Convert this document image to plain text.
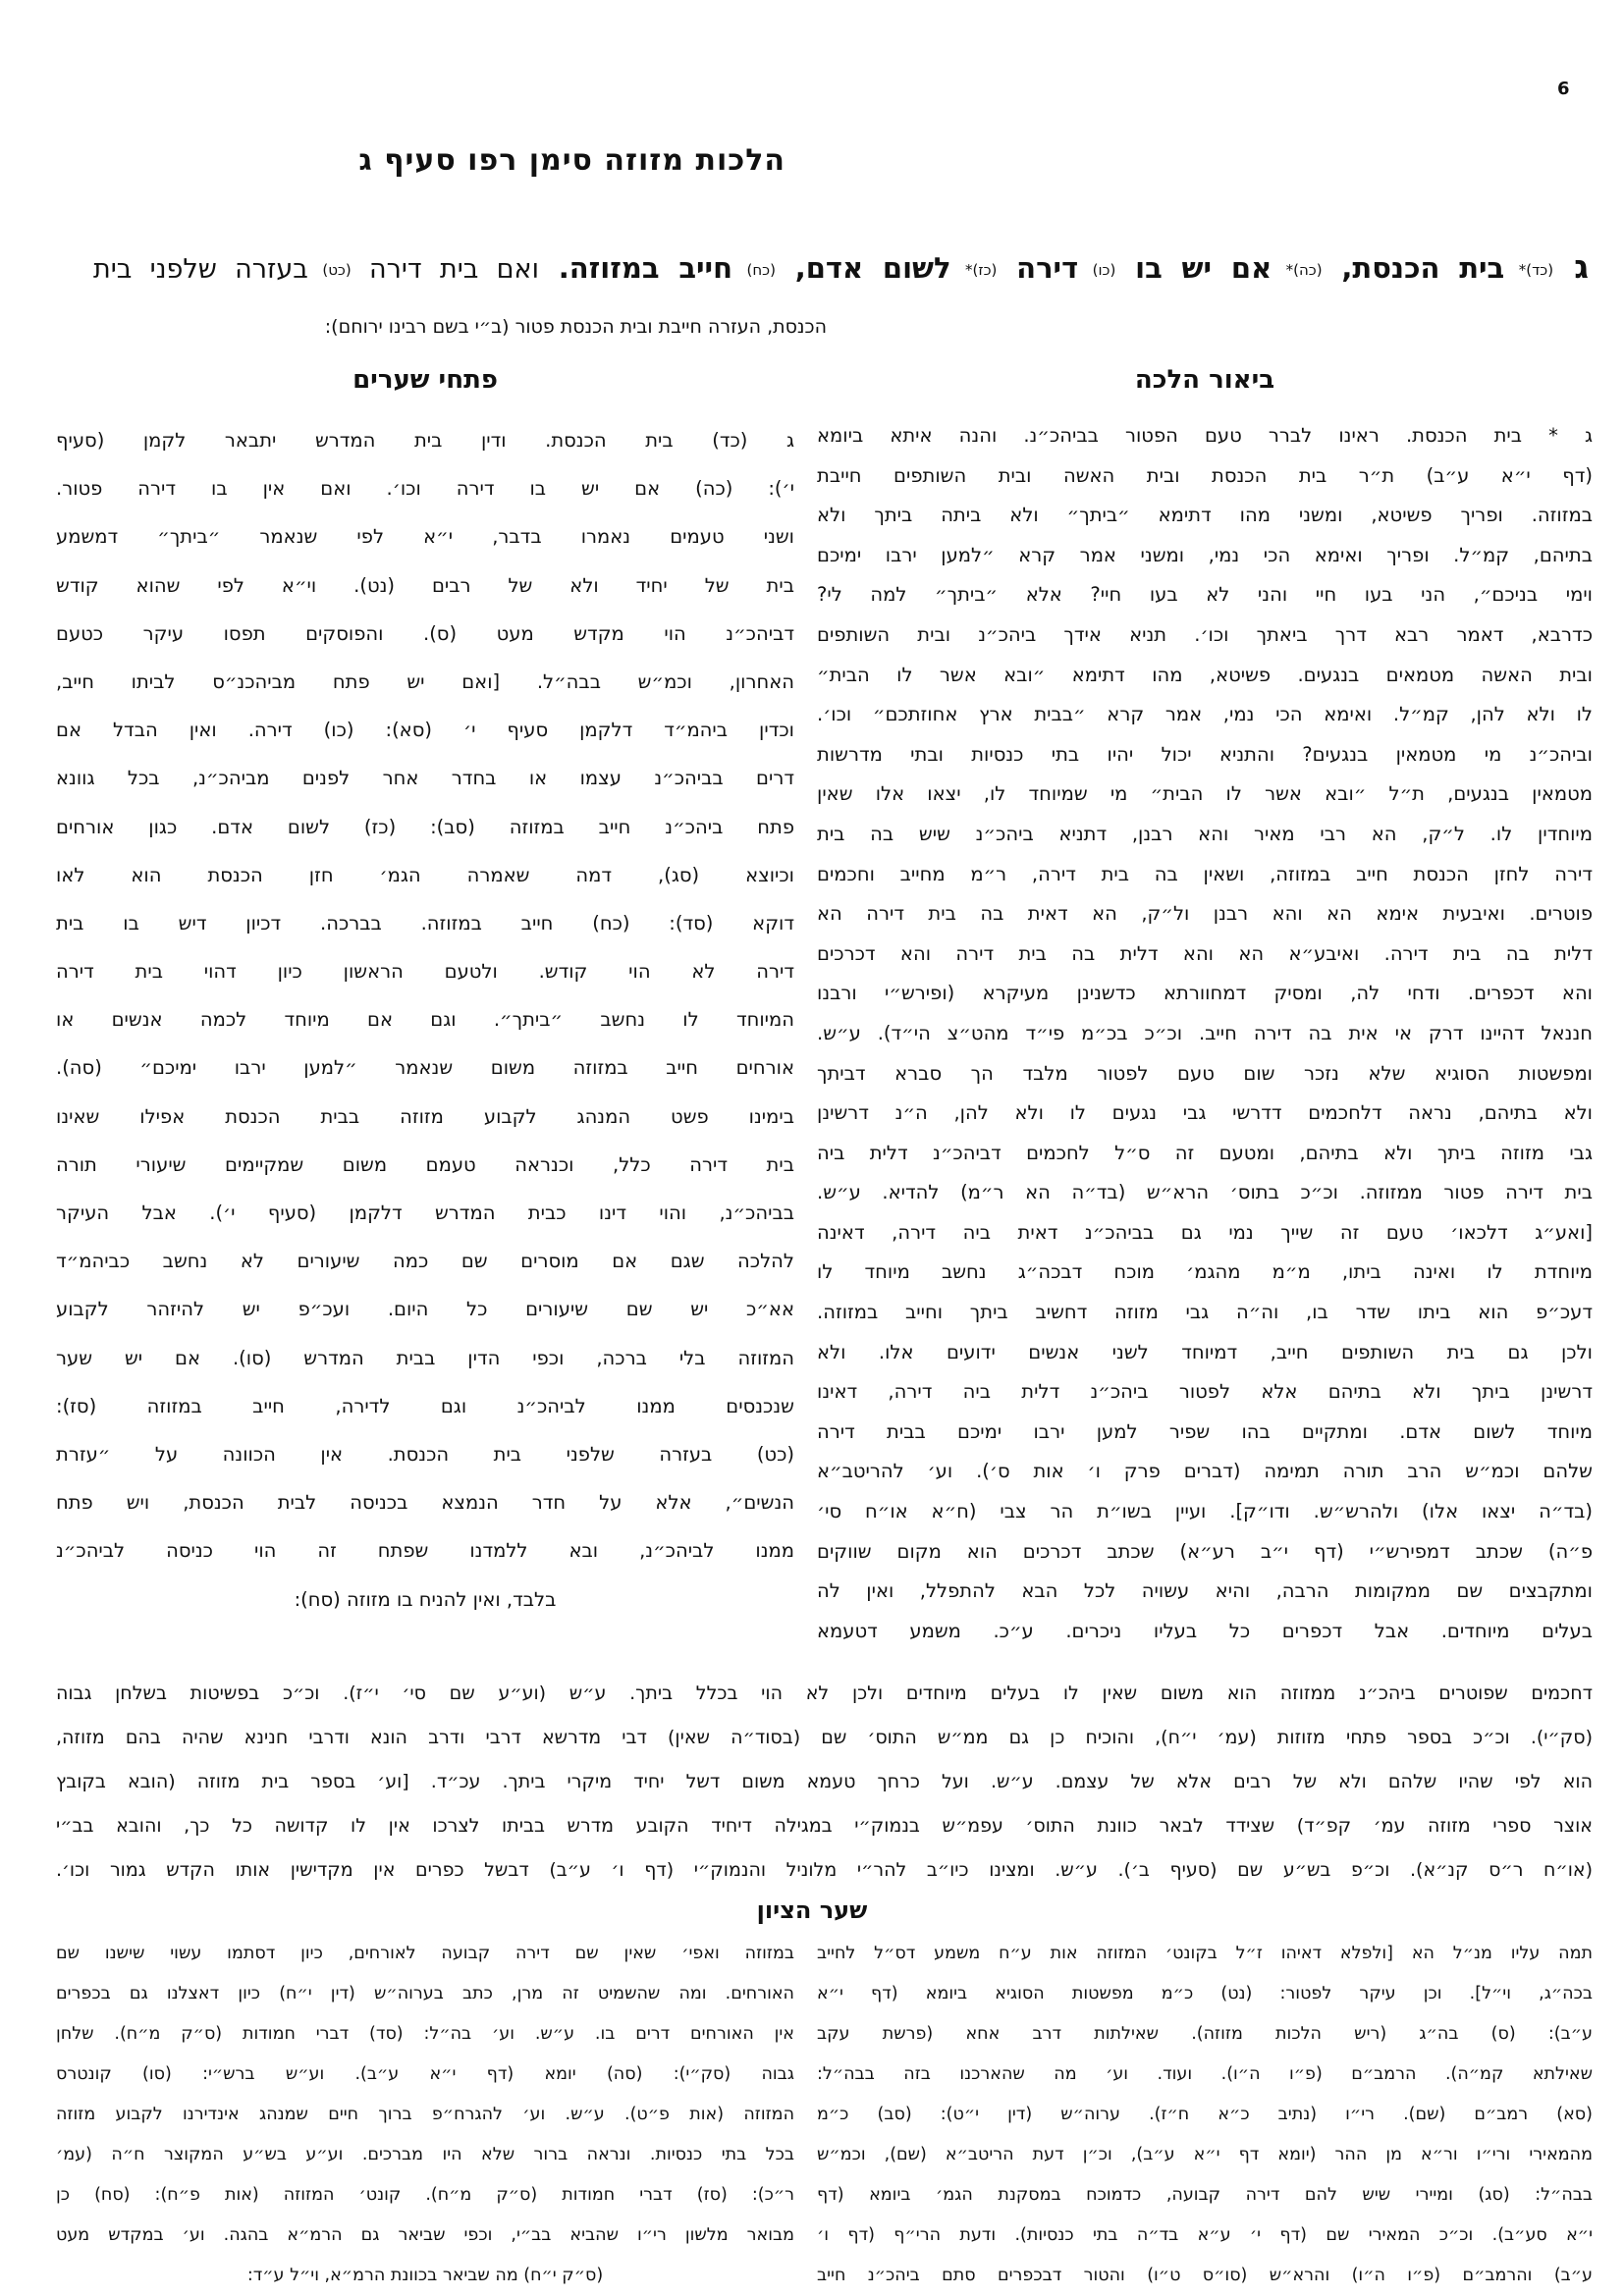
6
הלכות מזוזה סימן רפו סעיף ג
ג (כד)* בית הכנסת, (כה)* אם יש בו (כו) דירה (כז)* לשום אדם, (כח) חייב במזוזה. ואם בית דירה (כט) בעזרה שלפני בית
הכנסת, העזרה חייבת ובית הכנסת פטור (ב״י בשם רבינו ירוחם):
ביאור הלכה
פתחי שערים
ג * בית הכנסת. ראינו לברר טעם הפטור בביהכ״נ. והנה איתא ביומא
(דף י״א ע״ב) ת״ר בית הכנסת ובית האשה ובית השותפים חייבת
במזוזה. ופריך פשיטא, ומשני מהו דתימא ״ביתך״ ולא ביתה ביתך ולא
בתיהם, קמ״ל. ופריך ואימא הכי נמי, ומשני אמר קרא ״למען ירבו ימיכם
וימי בניכם״, הני בעו חיי והני לא בעו חיי? אלא ״ביתך״ למה לי?
כדרבא, דאמר רבא דרך ביאתך וכו׳. תניא אידך ביהכ״נ ובית השותפים
ובית האשה מטמאים בנגעים. פשיטא, מהו דתימא ״ובא אשר לו הבית״
לו ולא להן, קמ״ל. ואימא הכי נמי, אמר קרא ״בבית ארץ אחוזתכם״ וכו׳.
וביהכ״נ מי מטמאין בנגעים? והתניא יכול יהיו בתי כנסיות ובתי מדרשות
מטמאין בנגעים, ת״ל ״ובא אשר לו הבית״ מי שמיוחד לו, יצאו אלו שאין
מיוחדין לו. ל״ק, הא רבי מאיר והא רבנן, דתניא ביהכ״נ שיש בה בית
דירה לחזן הכנסת חייב במזוזה, ושאין בה בית דירה, ר״מ מחייב וחכמים
פוטרים. ואיבעית אימא הא והא רבנן ול״ק, הא דאית בה בית דירה הא
דלית בה בית דירה. ואיבע״א הא והא דלית בה בית דירה והא דכרכים
והא דכפרים. ודחי לה, ומסיק דמחוורתא כדשנינן מעיקרא (ופירש״י ורבנו
חננאל דהיינו דרק אי אית בה דירה חייב. וכ״כ בכ״מ פי״ד מהט״צ הי״ד). ע״ש.
ומפשטות הסוגיא שלא נזכר שום טעם לפטור מלבד הך סברא דביתך
ולא בתיהם, נראה דלחכמים דדרשי גבי נגעים לו ולא להן, ה״נ דרשינן
גבי מזוזה ביתך ולא בתיהם, ומטעם זה ס״ל לחכמים דביהכ״נ דלית ביה
בית דירה פטור ממזוזה. וכ״כ בתוס׳ הרא״ש (בד״ה הא ר״מ) להדיא. ע״ש.
[ואע״ג דלכאו׳ טעם זה שייך נמי גם בביהכ״נ דאית ביה דירה, דאינה
מיוחדת לו ואינה ביתו, מ״מ מהגמ׳ מוכח דבכה״ג נחשב מיוחד לו
דעכ״פ הוא ביתו שדר בו, וה״ה גבי מזוזה דחשיב ביתך וחייב במזוזה.
ולכן גם בית השותפים חייב, דמיוחד לשני אנשים ידועים אלו. ולא
דרשינן ביתך ולא בתיהם אלא לפטור ביהכ״נ דלית ביה דירה, דאינו
מיוחד לשום אדם. ומתקיים בהו שפיר למען ירבו ימיכם בבית דירה
שלהם וכמ״ש הרב תורה תמימה (דברים פרק ו׳ אות ס׳). וע׳ להריטב״א
(בד״ה יצאו אלו) ולהרש״ש. ודו״ק]. ועיין בשו״ת הר צבי (ח״א או״ח סי׳
פ״ה) שכתב דמפירש״י (דף י״ב רע״א) שכתב דכרכים הוא מקום שווקים
ומתקבצים שם ממקומות הרבה, והיא עשויה לכל הבא להתפלל, ואין לה
בעלים מיוחדים. אבל דכפרים כל בעליו ניכרים. ע״כ. משמע דטעמא
ג (כד) בית הכנסת. ודין בית המדרש יתבאר לקמן (סעיף
י׳): (כה) אם יש בו דירה וכו׳. ואם אין בו דירה פטור.
ושני טעמים נאמרו בדבר, י״א לפי שנאמר ״ביתך״ דמשמע
בית של יחיד ולא של רבים (נט). וי״א לפי שהוא קודש
דביהכ״נ הוי מקדש מעט (ס). והפוסקים תפסו עיקר כטעם
האחרון, וכמ״ש בבה״ל. [ואם יש פתח מביהכנ״ס לביתו חייב,
וכדין ביהמ״ד דלקמן סעיף י׳ (סא): (כו) דירה. ואין הבדל אם
דרים בביהכ״נ עצמו או בחדר אחר לפנים מביהכ״נ, בכל גוונא
פתח ביהכ״נ חייב במזוזה (סב): (כז) לשום אדם. כגון אורחים
וכיוצא (סג), דמה שאמרה הגמ׳ חזן הכנסת הוא לאו
דוקא (סד): (כח) חייב במזוזה. בברכה. דכיון דיש בו בית
דירה לא הוי קודש. ולטעם הראשון כיון דהוי בית דירה
המיוחד לו נחשב ״ביתך״. וגם אם מיוחד לכמה אנשים או
אורחים חייב במזוזה משום שנאמר ״למען ירבו ימיכם״ (סה).
בימינו פשט המנהג לקבוע מזוזה בבית הכנסת אפילו שאינו
בית דירה כלל, וכנראה טעמם משום שמקיימים שיעורי תורה
בביהכ״נ, והוי דינו כבית המדרש דלקמן (סעיף י׳). אבל העיקר
להלכה שגם אם מוסרים שם כמה שיעורים לא נחשב כביהמ״ד
אא״כ יש שם שיעורים כל היום. ועכ״פ יש להיזהר לקבוע
המזוזה בלי ברכה, וכפי הדין בבית המדרש (סו). אם יש שער
שנכנסים ממנו לביהכ״נ וגם לדירה, חייב במזוזה (סז):
(כט) בעזרה שלפני בית הכנסת. אין הכוונה על ״עזרת
הנשים״, אלא על חדר הנמצא בכניסה לבית הכנסת, ויש פתח
ממנו לביהכ״נ, ובא ללמדנו שפתח זה הוי כניסה לביהכ״נ
בלבד, ואין להניח בו מזוזה (סח):
דחכמים שפוטרים ביהכ״נ ממזוזה הוא משום שאין לו בעלים מיוחדים ולכן לא הוי בכלל ביתך. ע״ש (וע״ע שם סי׳ י״ז). וכ״כ בפשיטות בשלחן גבוה
(סק״י). וכ״כ בספר פתחי מזוזות (עמ׳ י״ח), והוכיח כן גם ממ״ש התוס׳ שם (בסוד״ה שאין) דבי מדרשא דרבי ודרב הונא ודרבי חנינא שהיה בהם מזוזה,
הוא לפי שהיו שלהם ולא של רבים אלא של עצמם. ע״ש. ועל כרחך טעמא משום דשל יחיד מיקרי ביתך. עכ״ד. [וע׳ בספר בית מזוזה (הובא בקובץ
אוצר ספרי מזוזה עמ׳ קפ״ד) שצידד לבאר כוונת התוס׳ עפמ״ש בנמוק״י במגילה דיחיד הקובע מדרש בביתו לצרכו אין לו קדושה כל כך, והובא בב״י
(או״ח ר״ס קנ״א). וכ״פ בש״ע שם (סעיף ב׳). ע״ש. ומצינו כיו״ב להר״י מלוניל והנמוק״י (דף ו׳ ע״ב) דבשל כפרים אין מקדישין אותו הקדש גמור וכו׳.
שער הציון
תמה עליו מנ״ל הא [ולפלא דאיהו ז״ל בקונט׳ המזוזה אות ע״ח משמע דס״ל לחייב
בכה״ג, וי״ל]. וכן עיקר לפטור: (נט) כ״מ מפשטות הסוגיא ביומא (דף י״א
ע״ב): (ס) בה״ג (ריש הלכות מזוזה). שאילתות דרב אחא (פרשת עקב
שאילתא קמ״ה). הרמב״ם (פ״ו ה״ו). ועוד. וע׳ מה שהארכנו בזה בבה״ל:
(סא) רמב״ם (שם). רי״ו (נתיב כ״א ח״ז). ערוה״ש (דין י״ט): (סב) כ״מ
מהמאירי ורי״ו ור״א מן ההר (יומא דף י״א ע״ב), וכ״ן דעת הריטב״א (שם), וכמ״ש
בבה״ל: (סג) ומיירי שיש להם דירה קבועה, כדמוכח במסקנת הגמ׳ ביומא (דף
י״א סע״ב). וכ״כ המאירי שם (דף י׳ ע״א בד״ה בתי כנסיות). ודעת הרי״ף (דף ו׳
ע״ב) והרמב״ם (פ״ו ה״ו) והרא״ש (סו״ס ט״ו) והטור דבכפרים סתם ביהכ״נ חייב
במזוזה ואפי׳ שאין שם דירה קבועה לאורחים, כיון דסתמו עשוי שישנו שם
האורחים. ומה שהשמיט זה מרן, כתב בערוה״ש (דין י״ח) כיון דאצלנו גם בכפרים
אין האורחים דרים בו. ע״ש. וע׳ בה״ל: (סד) דברי חמודות (ס״ק מ״ח). שלחן
גבוה (סק״י): (סה) יומא (דף י״א ע״ב). וע״ש ברש״י: (סו) קונטרס
המזוזה (אות פ״ט). ע״ש. וע׳ להגרח״פ ברוך חיים שמנהג אינדירנו לקבוע מזוזה
בכל בתי כנסיות. ונראה ברור שלא היו מברכים. וע״ע בש״ע המקוצר ח״ה (עמ׳
ר״כ): (סז) דברי חמודות (ס״ק מ״ח). קונט׳ המזוזה (אות פ״ח): (סח) כן
מבואר מלשון רי״ו שהביא בב״י, וכפי שביאר גם הרמ״א בהגה. וע׳ במקדש מעט
(ס״ק י״ח) מה שביאר בכוונת הרמ״א, וי״ל ע״ד:
